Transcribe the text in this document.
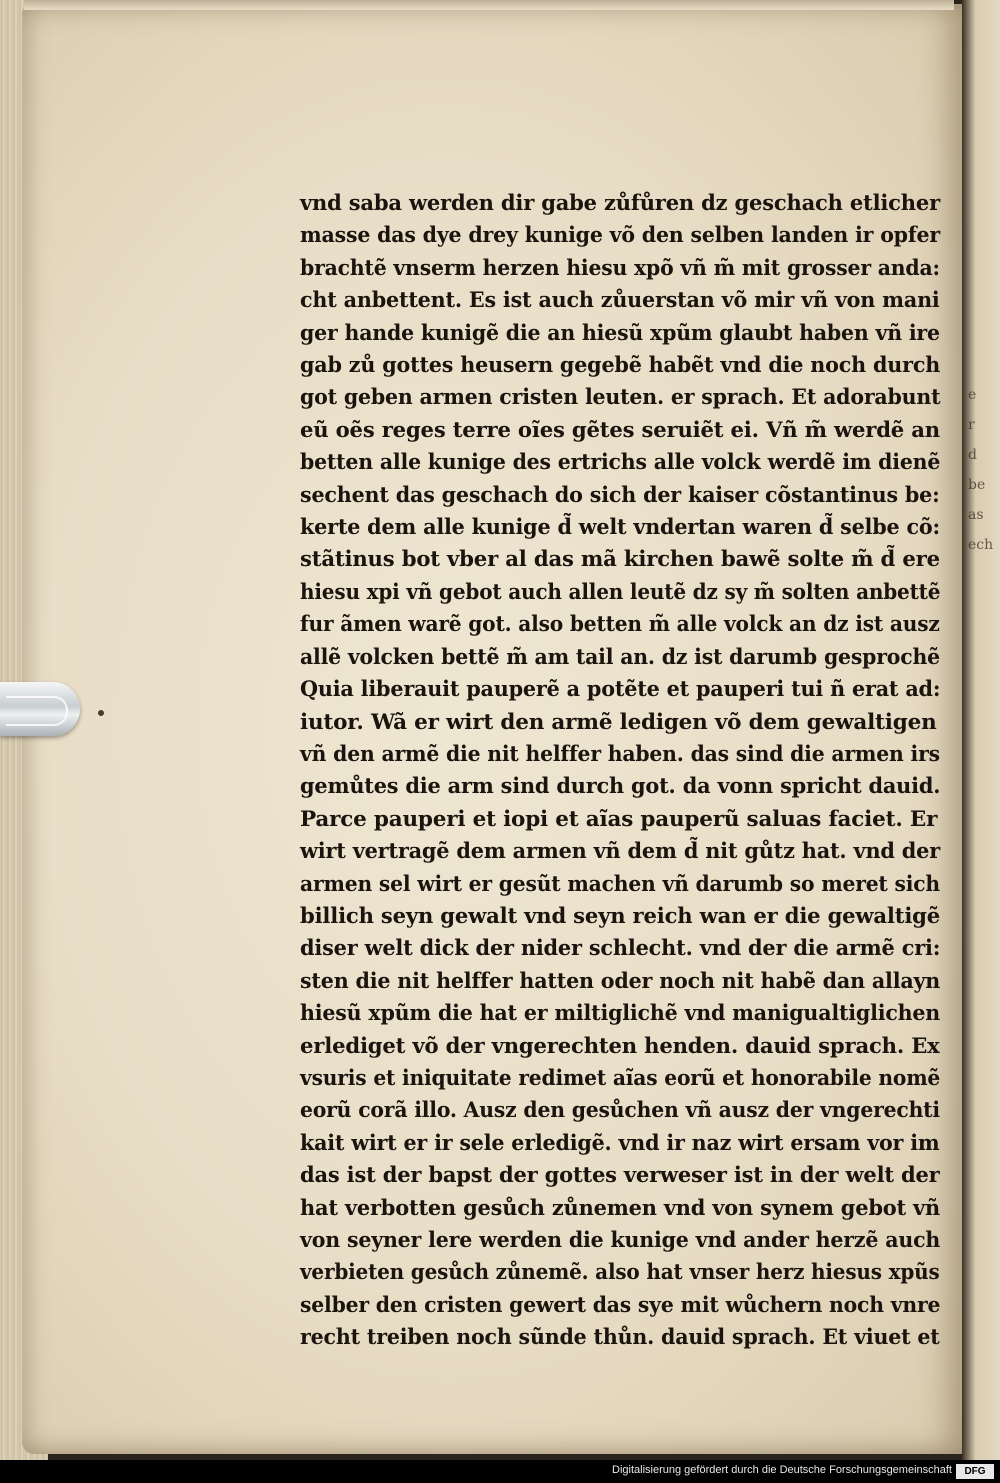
e
r
d
be
as
ech
vnd saba werden dir gabe zůfůren dz geschach etlicher
masse das dye drey kunige võ den selben landen ir opfer
brachtẽ vnserm herzen hiesu xpõ vñ m̃ mit grosser anda:
cht anbettent. Es ist auch zůuerstan võ mir vñ von mani
ger hande kunigẽ die an hiesũ xpũm glaubt haben vñ ire
gab zů gottes heusern gegebẽ habẽt vnd die noch durch
got geben armen cristen leuten. er sprach. Et adorabunt
eũ oẽs reges terre oĩes gẽtes seruiẽt ei. Vñ m̃ werdẽ an
betten alle kunige des ertrichs alle volck werdẽ im dienẽ
sechent das geschach do sich der kaiser cõstantinus be:
kerte dem alle kunige d̃ welt vndertan waren d̃ selbe cõ:
stãtinus bot vber al das mã kirchen bawẽ solte m̃ d̃ ere
hiesu xpi vñ gebot auch allen leutẽ dz sy m̃ solten anbettẽ
fur ãmen warẽ got. also betten m̃ alle volck an dz ist ausz
allẽ volcken bettẽ m̃ am tail an. dz ist darumb gesprochẽ
Quia liberauit pauperẽ a potẽte et pauperi tui ñ erat ad:
iutor. Wã er wirt den armẽ ledigen võ dem gewaltigen
vñ den armẽ die nit helffer haben. das sind die armen irs
gemůtes die arm sind durch got. da vonn spricht dauid.
Parce pauperi et iopi et aĩas pauperũ saluas faciet. Er
wirt vertragẽ dem armen vñ dem d̃ nit gůtz hat. vnd der
armen sel wirt er gesũt machen vñ darumb so meret sich
billich seyn gewalt vnd seyn reich wan er die gewaltigẽ
diser welt dick der nider schlecht. vnd der die armẽ cri:
sten die nit helffer hatten oder noch nit habẽ dan allayn
hiesũ xpũm die hat er miltiglichẽ vnd manigualtiglichen
erlediget võ der vngerechten henden. dauid sprach. Ex
vsuris et iniquitate redimet aĩas eorũ et honorabile nomẽ
eorũ corã illo. Ausz den gesůchen vñ ausz der vngerechti
kait wirt er ir sele erledigẽ. vnd ir naz wirt ersam vor im
das ist der bapst der gottes verweser ist in der welt der
hat verbotten gesůch zůnemen vnd von synem gebot vñ
von seyner lere werden die kunige vnd ander herzẽ auch
verbieten gesůch zůnemẽ. also hat vnser herz hiesus xpũs
selber den cristen gewert das sye mit wůchern noch vnre
recht treiben noch sũnde thůn. dauid sprach. Et viuet et
Digitalisierung gefördert durch die Deutsche Forschungsgemeinschaft	DFG
